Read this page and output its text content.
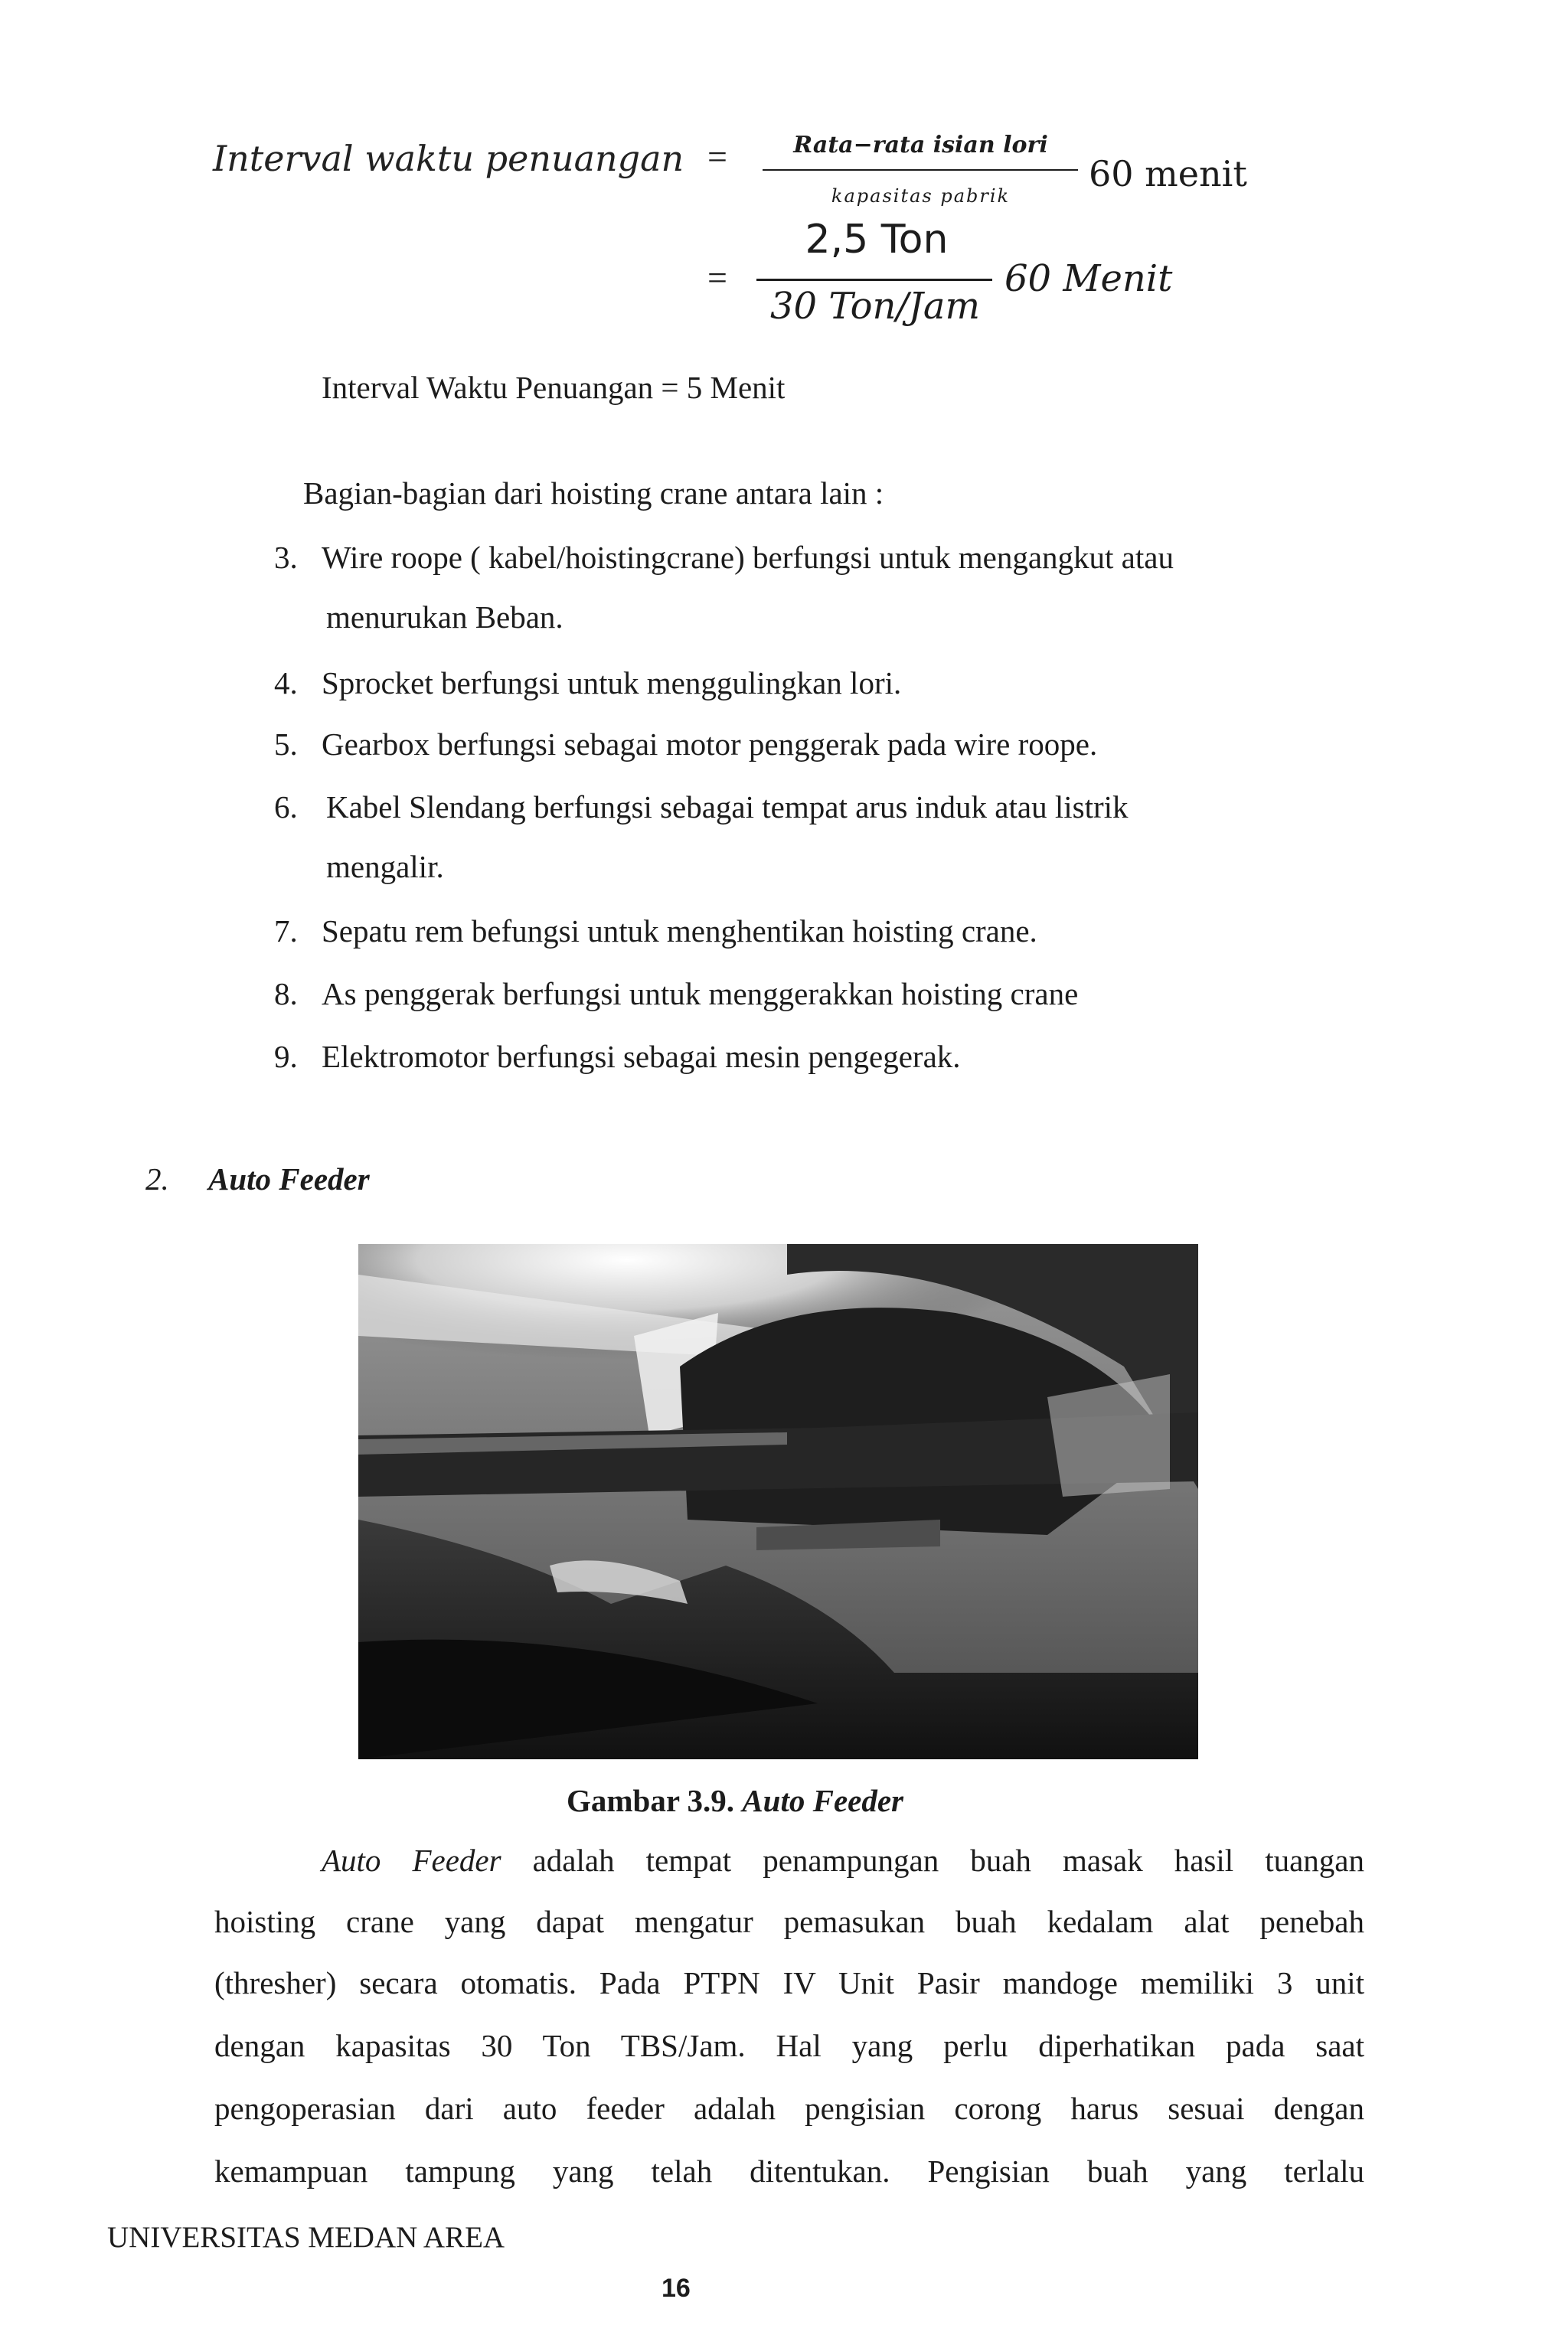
Interval waktu penuangan =	Rata−rata isian lori
kapasitas pabrik
60 menit
=
2,5 Ton
30 Ton/Jam
60 Menit
Interval Waktu Penuangan = 5 Menit
Bagian-bagian dari hoisting crane antara lain :
3. Wire roope ( kabel/hoistingcrane) berfungsi untuk mengangkut atau
menurukan Beban.
4. Sprocket berfungsi untuk menggulingkan lori.
5. Gearbox berfungsi sebagai motor penggerak pada wire roope.
6. Kabel Slendang berfungsi sebagai tempat arus induk atau listrik
mengalir.
7. Sepatu rem befungsi untuk menghentikan hoisting crane.
8. As penggerak berfungsi untuk menggerakkan hoisting crane
9. Elektromotor berfungsi sebagai mesin pengegerak.
2. Auto Feeder
Gambar 3.9. Auto Feeder
Auto Feeder adalah tempat penampungan buah masak hasil tuangan
hoisting crane yang dapat mengatur pemasukan buah kedalam alat penebah
(thresher) secara otomatis. Pada PTPN IV Unit Pasir mandoge memiliki 3 unit
dengan kapasitas 30 Ton TBS/Jam. Hal yang perlu diperhatikan pada saat
pengoperasian dari auto feeder adalah pengisian corong harus sesuai dengan
kemampuan tampung yang telah ditentukan. Pengisian buah yang terlalu
UNIVERSITAS MEDAN AREA
16
